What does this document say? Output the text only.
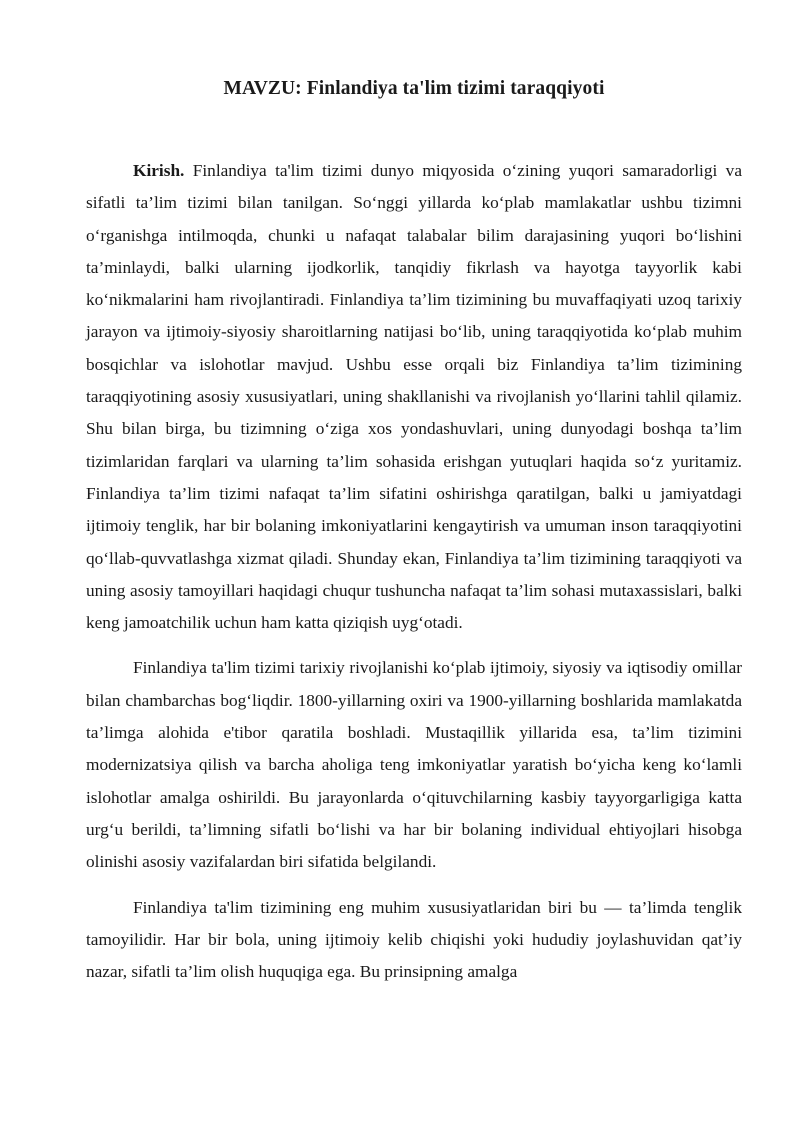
MAVZU: Finlandiya ta'lim tizimi taraqqiyoti

Kirish. Finlandiya ta'lim tizimi dunyo miqyosida o‘zining yuqori samaradorligi va sifatli ta’lim tizimi bilan tanilgan. So‘nggi yillarda ko‘plab mamlakatlar ushbu tizimni o‘rganishga intilmoqda, chunki u nafaqat talabalar bilim darajasining yuqori bo‘lishini ta’minlaydi, balki ularning ijodkorlik, tanqidiy fikrlash va hayotga tayyorlik kabi ko‘nikmalarini ham rivojlantiradi. Finlandiya ta’lim tizimining bu muvaffaqiyati uzoq tarixiy jarayon va ijtimoiy-siyosiy sharoitlarning natijasi bo‘lib, uning taraqqiyotida ko‘plab muhim bosqichlar va islohotlar mavjud. Ushbu esse orqali biz Finlandiya ta’lim tizimining taraqqiyotining asosiy xususiyatlari, uning shakllanishi va rivojlanish yo‘llarini tahlil qilamiz. Shu bilan birga, bu tizimning o‘ziga xos yondashuvlari, uning dunyodagi boshqa ta’lim tizimlaridan farqlari va ularning ta’lim sohasida erishgan yutuqlari haqida so‘z yuritamiz. Finlandiya ta’lim tizimi nafaqat ta’lim sifatini oshirishga qaratilgan, balki u jamiyatdagi ijtimoiy tenglik, har bir bolaning imkoniyatlarini kengaytirish va umuman inson taraqqiyotini qo‘llab-quvvatlashga xizmat qiladi. Shunday ekan, Finlandiya ta’lim tizimining taraqqiyoti va uning asosiy tamoyillari haqidagi chuqur tushuncha nafaqat ta’lim sohasi mutaxassislari, balki keng jamoatchilik uchun ham katta qiziqish uyg‘otadi.

Finlandiya ta'lim tizimi tarixiy rivojlanishi ko‘plab ijtimoiy, siyosiy va iqtisodiy omillar bilan chambarchas bog‘liqdir. 1800-yillarning oxiri va 1900-yillarning boshlarida mamlakatda ta’limga alohida e'tibor qaratila boshladi. Mustaqillik yillarida esa, ta’lim tizimini modernizatsiya qilish va barcha aholiga teng imkoniyatlar yaratish bo‘yicha keng ko‘lamli islohotlar amalga oshirildi. Bu jarayonlarda o‘qituvchilarning kasbiy tayyorgarligiga katta urg‘u berildi, ta’limning sifatli bo‘lishi va har bir bolaning individual ehtiyojlari hisobga olinishi asosiy vazifalardan biri sifatida belgilandi.

Finlandiya ta'lim tizimining eng muhim xususiyatlaridan biri bu — ta’limda tenglik tamoyilidir. Har bir bola, uning ijtimoiy kelib chiqishi yoki hududiy joylashuvidan qat’iy nazar, sifatli ta’lim olish huquqiga ega. Bu prinsipning amalga
